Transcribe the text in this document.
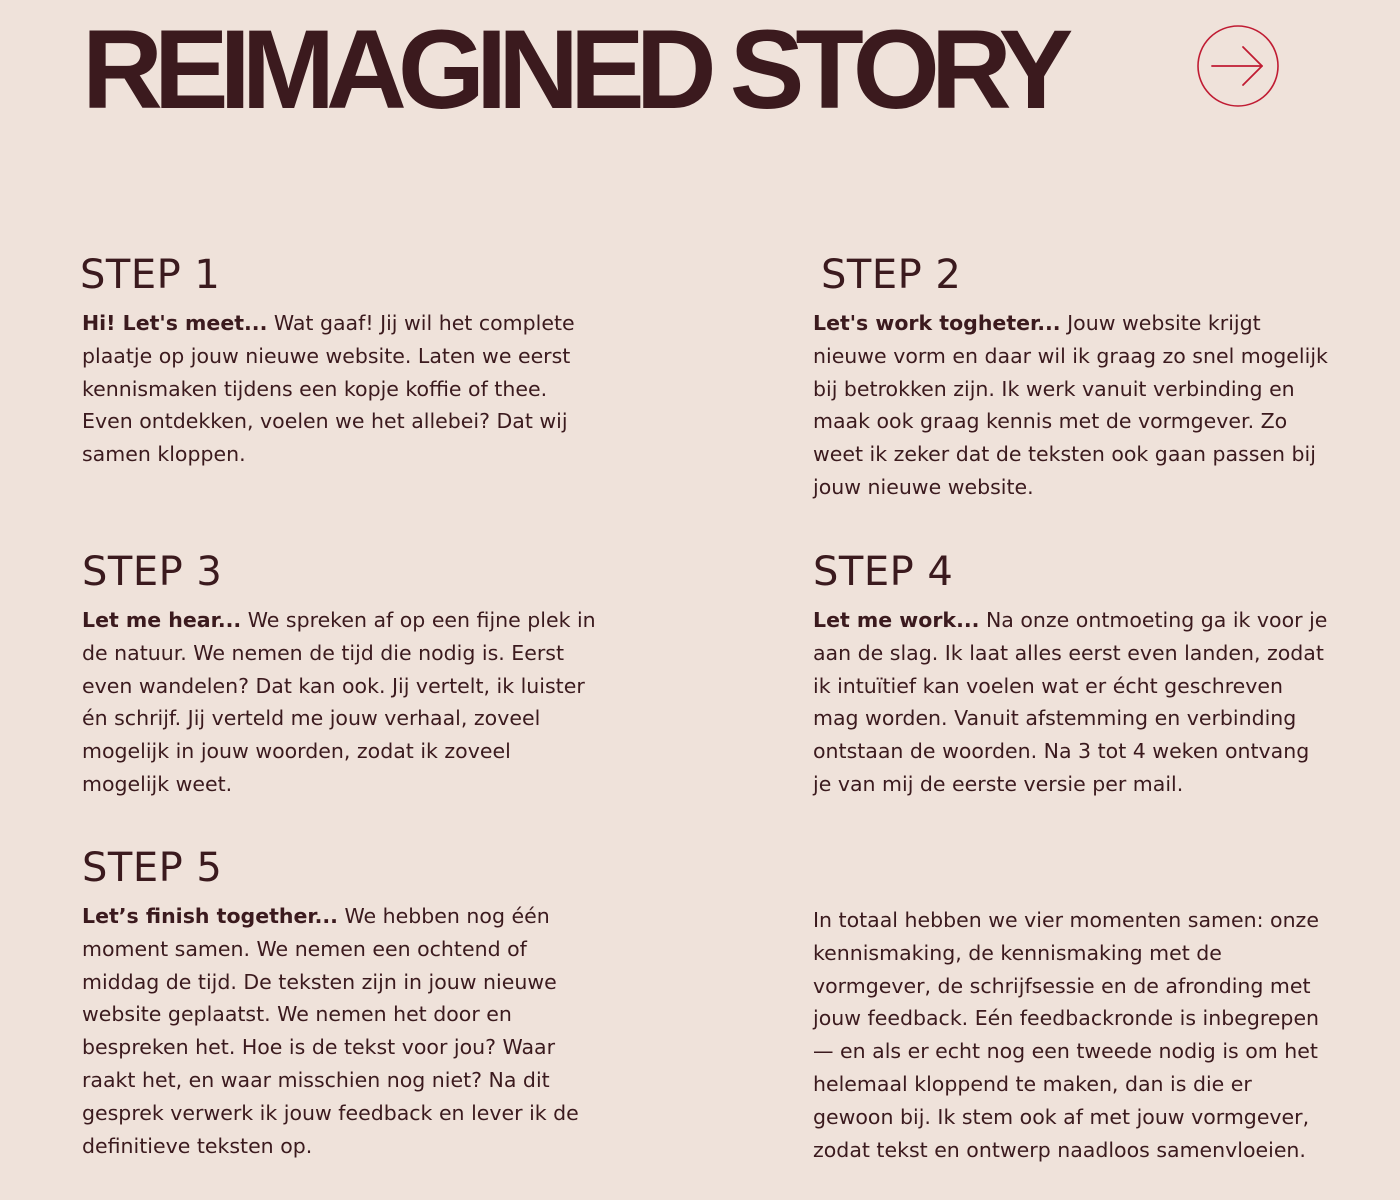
REIMAGINED STORY
STEP 1

Hi! Let's meet... Wat gaaf! Jij wil het complete plaatje op jouw nieuwe website. Laten we eerst kennismaken tijdens een kopje koffie of thee. Even ontdekken, voelen we het allebei? Dat wij samen kloppen.

STEP 2

Let's work togheter... Jouw website krijgt nieuwe vorm en daar wil ik graag zo snel mogelijk bij betrokken zijn. Ik werk vanuit verbinding en maak ook graag kennis met de vormgever. Zo weet ik zeker dat de teksten ook gaan passen bij jouw nieuwe website.

STEP 3

Let me hear... We spreken af op een fijne plek in de natuur. We nemen de tijd die nodig is. Eerst even wandelen? Dat kan ook. Jij vertelt, ik luister én schrijf. Jij verteld me jouw verhaal, zoveel mogelijk in jouw woorden, zodat ik zoveel mogelijk weet.

STEP 4

Let me work... Na onze ontmoeting ga ik voor je aan de slag. Ik laat alles eerst even landen, zodat ik intuïtief kan voelen wat er écht geschreven mag worden. Vanuit afstemming en verbinding ontstaan de woorden. Na 3 tot 4 weken ontvang je van mij de eerste versie per mail.

STEP 5

Let’s finish together... We hebben nog één moment samen. We nemen een ochtend of middag de tijd. De teksten zijn in jouw nieuwe website geplaatst. We nemen het door en bespreken het. Hoe is de tekst voor jou? Waar raakt het, en waar misschien nog niet? Na dit gesprek verwerk ik jouw feedback en lever ik de definitieve teksten op.

In totaal hebben we vier momenten samen: onze kennismaking, de kennismaking met de vormgever, de schrijfsessie en de afronding met jouw feedback. Eén feedbackronde is inbegrepen — en als er echt nog een tweede nodig is om het helemaal kloppend te maken, dan is die er gewoon bij. Ik stem ook af met jouw vormgever, zodat tekst en ontwerp naadloos samenvloeien.
